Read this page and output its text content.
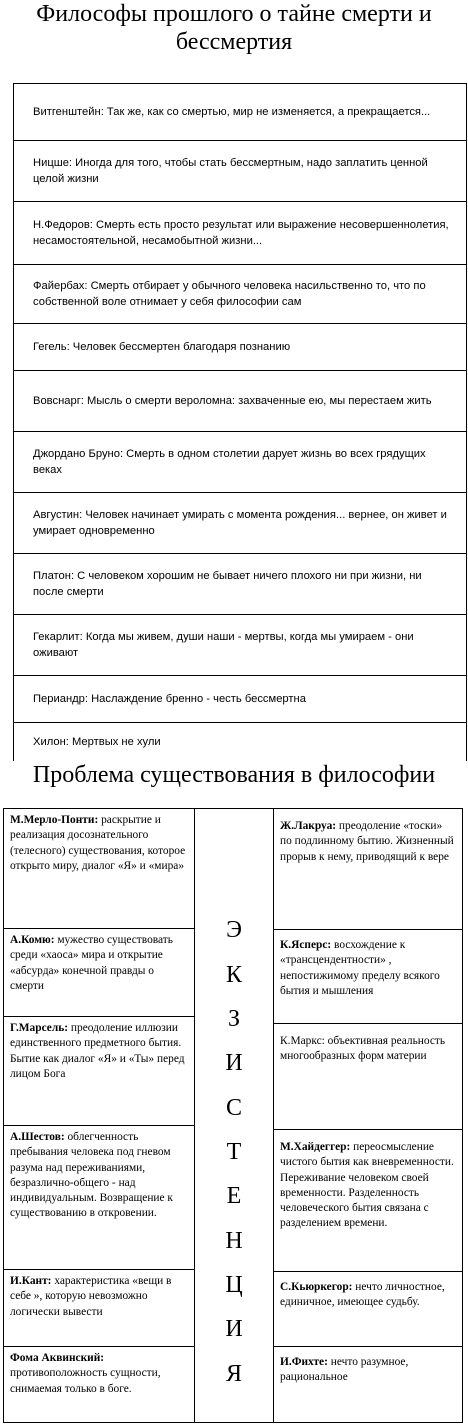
Философы прошлого о тайне смерти и бессмертия
Витгенштейн: Так же, как со смертью, мир не изменяется, а прекращается...
Ницше: Иногда для того, чтобы стать бессмертным, надо заплатить ценной целой жизни
Н.Федоров: Смерть есть просто результат или выражение несовершеннолетия, несамостоятельной, несамобытной жизни...
Файербах: Смерть отбирает у обычного человека насильственно то, что по собственной воле отнимает у себя философии сам
Гегель: Человек бессмертен благодаря познанию
Вовснарг: Мысль о смерти вероломна: захваченные ею, мы перестаем жить
Джордано Бруно: Смерть в одном столетии дарует жизнь во всех грядущих веках
Августин: Человек начинает умирать с момента рождения... вернее, он живет и умирает одновременно
Платон: С человеком хорошим не бывает ничего плохого ни при жизни, ни после смерти
Гекарлит: Когда мы живем, души наши - мертвы, когда мы умираем - они оживают
Периандр: Наслаждение бренно - честь бессмертна
Хилон: Мертвых не хули
Проблема существования в философии
М.Мерло-Понти: раскрытие и реализация досознательного (телесного) существования, которое открыто миру, диалог «Я» и «мира»
А.Комю: мужество существовать среди «хаоса» мира и открытие «абсурда» конечной правды о смерти
Г.Марсель: преодоление иллюзии единственного предметного бытия. Бытие как диалог «Я» и «Ты» перед лицом Бога
А.Шестов: облегченность пребывания человека под гневом разума над переживаниями, безразлично-общего - над индивидуальным. Возвращение к существованию в откровении.
И.Кант: характеристика «вещи в себе », которую невозможно логически вывести
Фома Аквинский: противоположность сущности, снимаемая только в боге.
Э
К
З
И
С
Т
Е
Н
Ц
И
Я
Ж.Лакруа: преодоление «тоски» по подлинному бытию. Жизненный прорыв к нему, приводящий к вере
К.Ясперс: восхождение к «трансцендентности» , непостижимому пределу всякого бытия и мышления
К.Маркс: объективная реальность многообразных форм материи
М.Хайдеггер: переосмысление чистого бытия как вневременности. Переживание человеком своей временности. Разделенность человеческого бытия связана с разделением времени.
С.Кьюркегор: нечто личностное, единичное, имеющее судьбу.
И.Фихте: нечто разумное, рациональное
